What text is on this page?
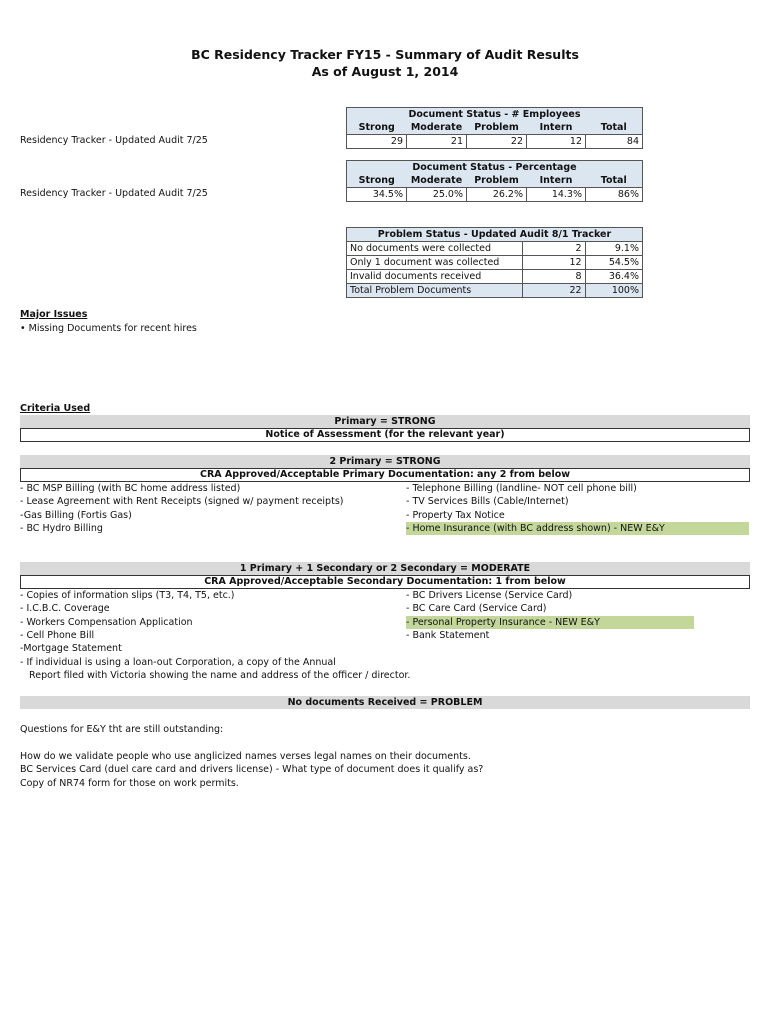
BC Residency Tracker FY15 - Summary of Audit Results
As of August 1, 2014
Residency Tracker - Updated Audit 7/25
Document Status - # Employees				
Strong	Moderate	Problem	Intern	Total
29	21	22	12	84
Residency Tracker - Updated Audit 7/25
Document Status - Percentage				
Strong	Moderate	Problem	Intern	Total
34.5%	25.0%	26.2%	14.3%	86%
Problem Status - Updated Audit 8/1 Tracker		
No documents were collected	2	9.1%
Only 1 document was collected	12	54.5%
Invalid documents received	8	36.4%
Total Problem Documents	22	100%
Major Issues
• Missing Documents for recent hires
Criteria Used
Primary = STRONG
Notice of Assessment (for the relevant year)
2 Primary = STRONG
CRA Approved/Acceptable Primary Documentation: any 2 from below
- BC MSP Billing (with BC home address listed)
- Lease Agreement with Rent Receipts (signed w/ payment receipts)
-Gas Billing (Fortis Gas)
- BC Hydro Billing
- Telephone Billing (landline- NOT cell phone bill)
- TV Services Bills (Cable/Internet)
- Property Tax Notice
- Home Insurance (with BC address shown) - NEW E&Y
1 Primary + 1 Secondary or 2 Secondary = MODERATE
CRA Approved/Acceptable Secondary Documentation: 1 from below
- Copies of information slips (T3, T4, T5, etc.)
- I.C.B.C. Coverage
- Workers Compensation Application
- Cell Phone Bill
-Mortgage Statement
- If individual is using a loan-out Corporation, a copy of the Annual
Report filed with Victoria showing the name and address of the officer / director.
- BC Drivers License (Service Card)
- BC Care Card (Service Card)
- Personal Property Insurance - NEW E&Y
- Bank Statement
No documents Received = PROBLEM
Questions for E&Y tht are still outstanding:
How do we validate people who use anglicized names verses legal names on their documents.
BC Services Card (duel care card and drivers license) - What type of document does it qualify as?
Copy of NR74 form for those on work permits.
